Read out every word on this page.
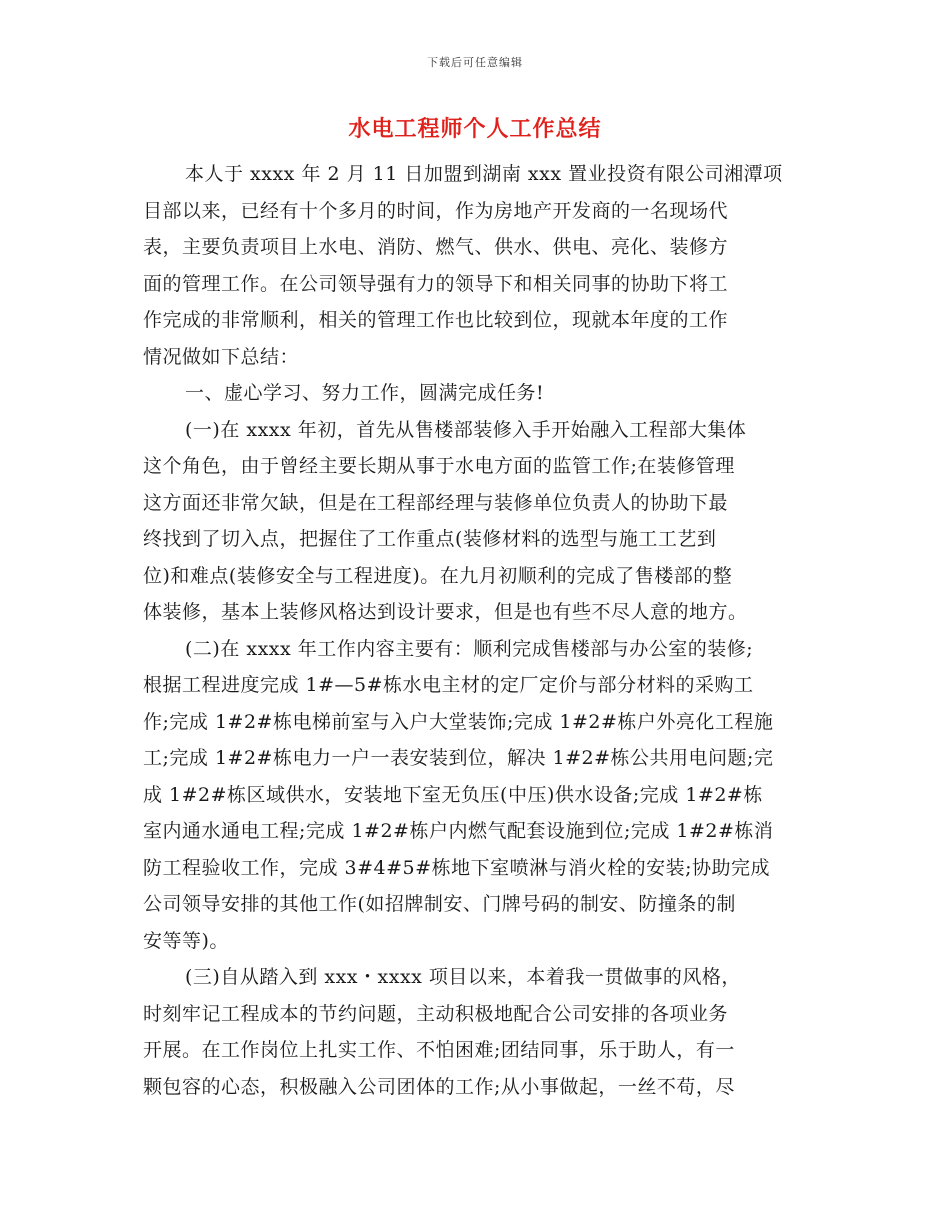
下载后可任意编辑
水电工程师个人工作总结
本人于 xxxx 年 2 月 11 日加盟到湖南 xxx 置业投资有限公司湘潭项
目部以来，已经有十个多月的时间，作为房地产开发商的一名现场代
表，主要负责项目上水电、消防、燃气、供水、供电、亮化、装修方
面的管理工作。在公司领导强有力的领导下和相关同事的协助下将工
作完成的非常顺利，相关的管理工作也比较到位，现就本年度的工作
情况做如下总结：
一、虚心学习、努力工作，圆满完成任务!
(一)在 xxxx 年初，首先从售楼部装修入手开始融入工程部大集体
这个角色，由于曾经主要长期从事于水电方面的监管工作;在装修管理
这方面还非常欠缺，但是在工程部经理与装修单位负责人的协助下最
终找到了切入点，把握住了工作重点(装修材料的选型与施工工艺到
位)和难点(装修安全与工程进度)。在九月初顺利的完成了售楼部的整
体装修，基本上装修风格达到设计要求，但是也有些不尽人意的地方。
(二)在 xxxx 年工作内容主要有：顺利完成售楼部与办公室的装修;
根据工程进度完成 1#—5#栋水电主材的定厂定价与部分材料的采购工
作;完成 1#2#栋电梯前室与入户大堂装饰;完成 1#2#栋户外亮化工程施
工;完成 1#2#栋电力一户一表安装到位，解决 1#2#栋公共用电问题;完
成 1#2#栋区域供水，安装地下室无负压(中压)供水设备;完成 1#2#栋
室内通水通电工程;完成 1#2#栋户内燃气配套设施到位;完成 1#2#栋消
防工程验收工作，完成 3#4#5#栋地下室喷淋与消火栓的安装;协助完成
公司领导安排的其他工作(如招牌制安、门牌号码的制安、防撞条的制
安等等)。
(三)自从踏入到 xxx・xxxx 项目以来，本着我一贯做事的风格，
时刻牢记工程成本的节约问题，主动积极地配合公司安排的各项业务
开展。在工作岗位上扎实工作、不怕困难;团结同事，乐于助人，有一
颗包容的心态，积极融入公司团体的工作;从小事做起，一丝不苟，尽
